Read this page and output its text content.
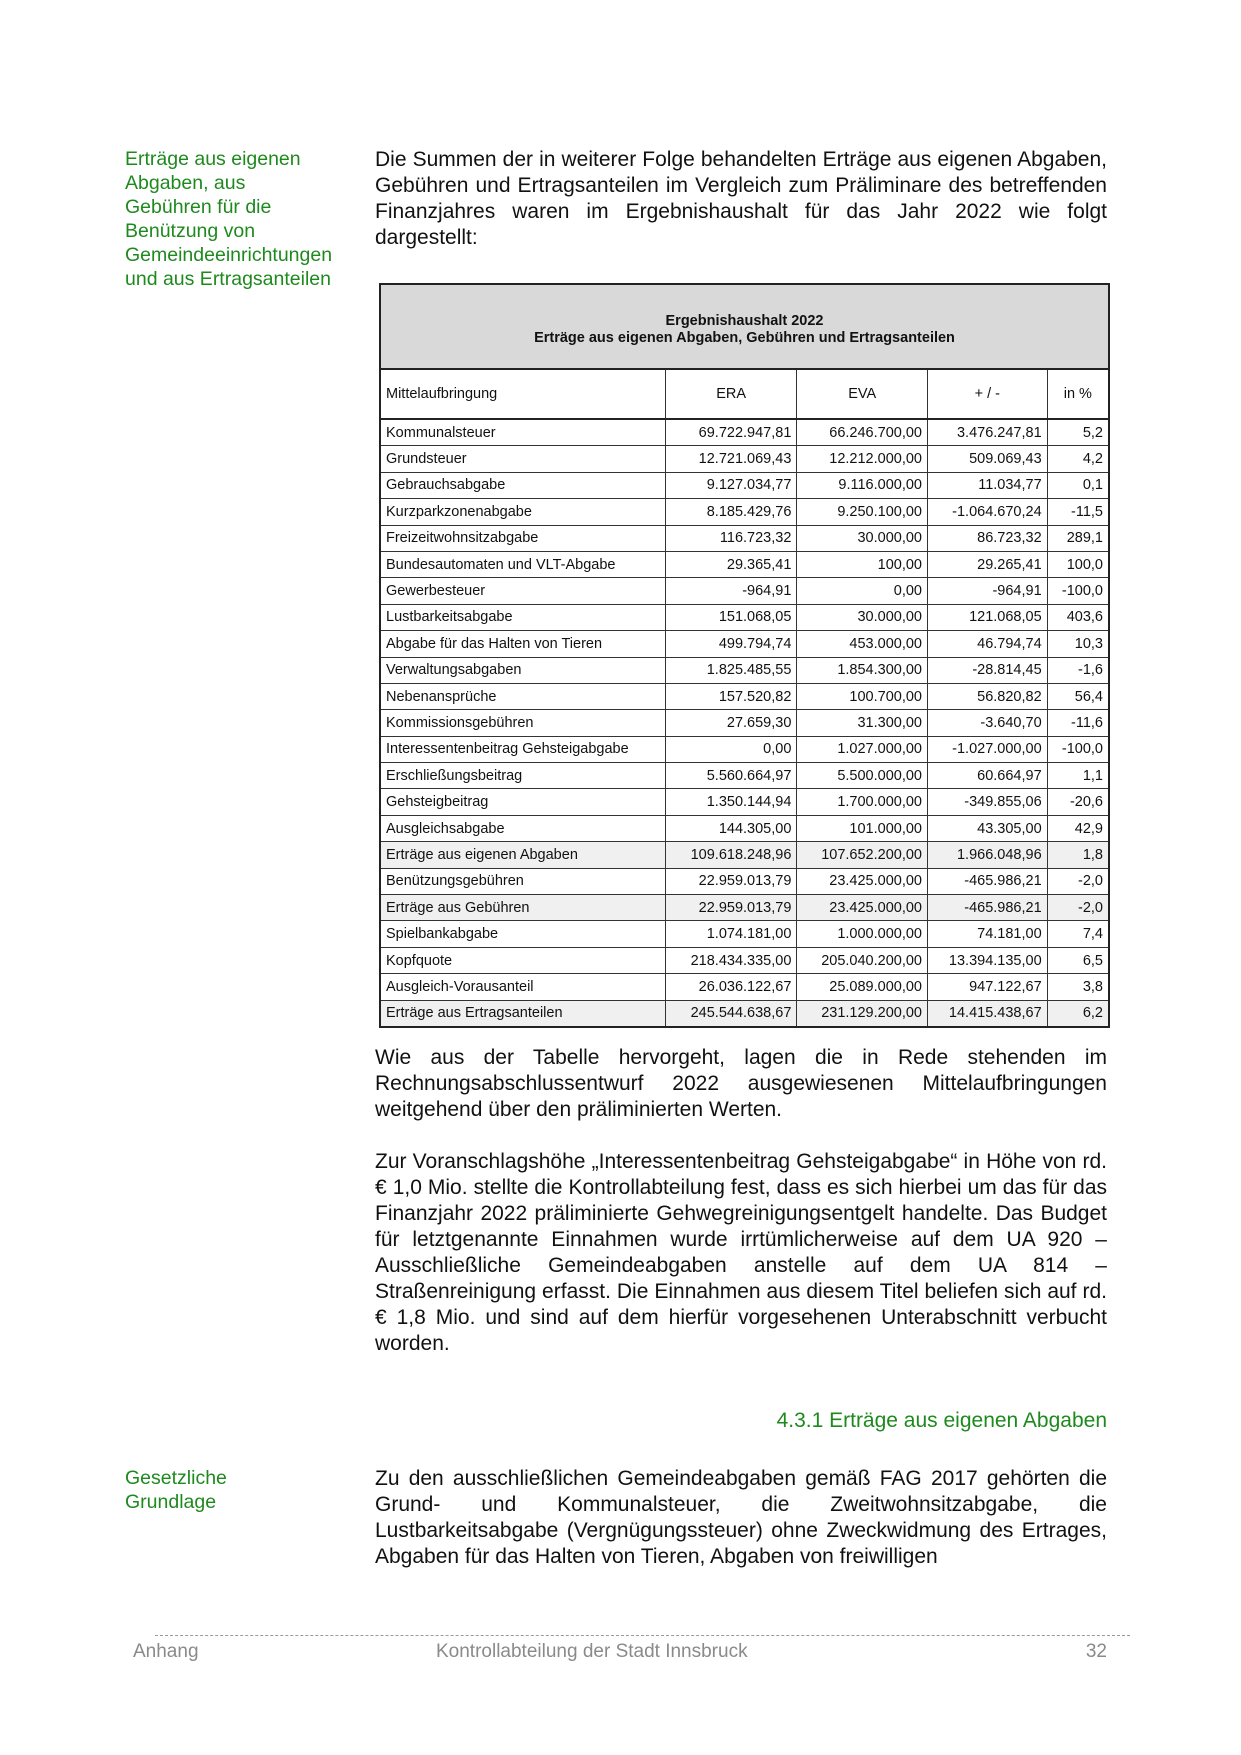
Erträge aus eigenen
Abgaben, aus
Gebühren für die
Benützung von
Gemeindeeinrichtungen
und aus Ertragsanteilen

Die Summen der in weiterer Folge behandelten Erträge aus eigenen Abgaben, Gebühren und Ertragsanteilen im Vergleich zum Präliminare des betreffenden Finanzjahres waren im Ergebnishaushalt für das Jahr 2022 wie folgt dargestellt:

Ergebnishaushalt 2022
Erträge aus eigenen Abgaben, Gebühren und Ertragsanteilen				

Mittelaufbringung	ERA	EVA	+ / -	in %
Kommunalsteuer	69.722.947,81	66.246.700,00	3.476.247,81	5,2
Grundsteuer	12.721.069,43	12.212.000,00	509.069,43	4,2
Gebrauchsabgabe	9.127.034,77	9.116.000,00	11.034,77	0,1
Kurzparkzonenabgabe	8.185.429,76	9.250.100,00	-1.064.670,24	-11,5
Freizeitwohnsitzabgabe	116.723,32	30.000,00	86.723,32	289,1
Bundesautomaten und VLT-Abgabe	29.365,41	100,00	29.265,41	100,0
Gewerbesteuer	-964,91	0,00	-964,91	-100,0
Lustbarkeitsabgabe	151.068,05	30.000,00	121.068,05	403,6
Abgabe für das Halten von Tieren	499.794,74	453.000,00	46.794,74	10,3
Verwaltungsabgaben	1.825.485,55	1.854.300,00	-28.814,45	-1,6
Nebenansprüche	157.520,82	100.700,00	56.820,82	56,4
Kommissionsgebühren	27.659,30	31.300,00	-3.640,70	-11,6
Interessentenbeitrag Gehsteigabgabe	0,00	1.027.000,00	-1.027.000,00	-100,0
Erschließungsbeitrag	5.560.664,97	5.500.000,00	60.664,97	1,1
Gehsteigbeitrag	1.350.144,94	1.700.000,00	-349.855,06	-20,6
Ausgleichsabgabe	144.305,00	101.000,00	43.305,00	42,9
Erträge aus eigenen Abgaben	109.618.248,96	107.652.200,00	1.966.048,96	1,8
Benützungsgebühren	22.959.013,79	23.425.000,00	-465.986,21	-2,0
Erträge aus Gebühren	22.959.013,79	23.425.000,00	-465.986,21	-2,0
Spielbankabgabe	1.074.181,00	1.000.000,00	74.181,00	7,4
Kopfquote	218.434.335,00	205.040.200,00	13.394.135,00	6,5
Ausgleich-Vorausanteil	26.036.122,67	25.089.000,00	947.122,67	3,8
Erträge aus Ertragsanteilen	245.544.638,67	231.129.200,00	14.415.438,67	6,2

Wie aus der Tabelle hervorgeht, lagen die in Rede stehenden im Rechnungsabschlussentwurf 2022 ausgewiesenen Mittelaufbringungen weitgehend über den präliminierten Werten.

Zur Voranschlagshöhe „Interessentenbeitrag Gehsteigabgabe“ in Höhe von rd. € 1,0 Mio. stellte die Kontrollabteilung fest, dass es sich hierbei um das für das Finanzjahr 2022 präliminierte Gehwegreinigungsentgelt handelte. Das Budget für letztgenannte Einnahmen wurde irrtümlicherweise auf dem UA 920 – Ausschließliche Gemeindeabgaben anstelle auf dem UA 814 – Straßenreinigung erfasst. Die Einnahmen aus diesem Titel beliefen sich auf rd. € 1,8 Mio. und sind auf dem hierfür vorgesehenen Unterabschnitt verbucht worden.

4.3.1 Erträge aus eigenen Abgaben
Gesetzliche
Grundlage

Zu den ausschließlichen Gemeindeabgaben gemäß FAG 2017 gehörten die Grund- und Kommunalsteuer, die Zweitwohnsitzabgabe, die Lustbarkeitsabgabe (Vergnügungssteuer) ohne Zweckwidmung des Ertrages, Abgaben für das Halten von Tieren, Abgaben von freiwilligen

Anhang	Kontrollabteilung der Stadt Innsbruck	32
